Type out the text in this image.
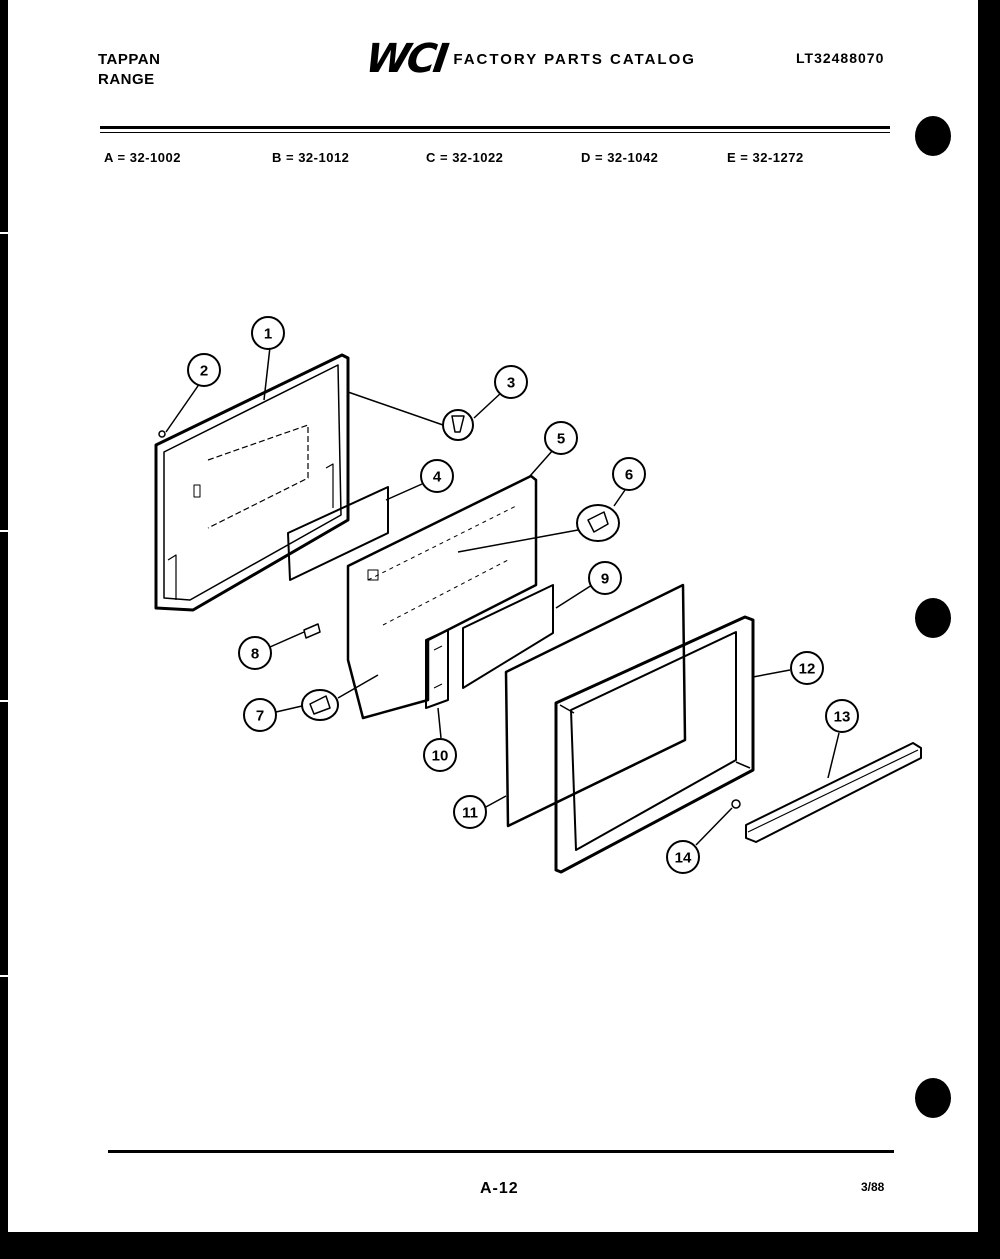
TAPPAN
RANGE	WCI FACTORY PARTS CATALOG	LT32488070
A = 32-1002	B = 32-1012	C = 32-1022	D = 32-1042	E = 32-1272
1
2
3
4
5
6
7
8
9
10
11
12
13
14
A-12	3/88
